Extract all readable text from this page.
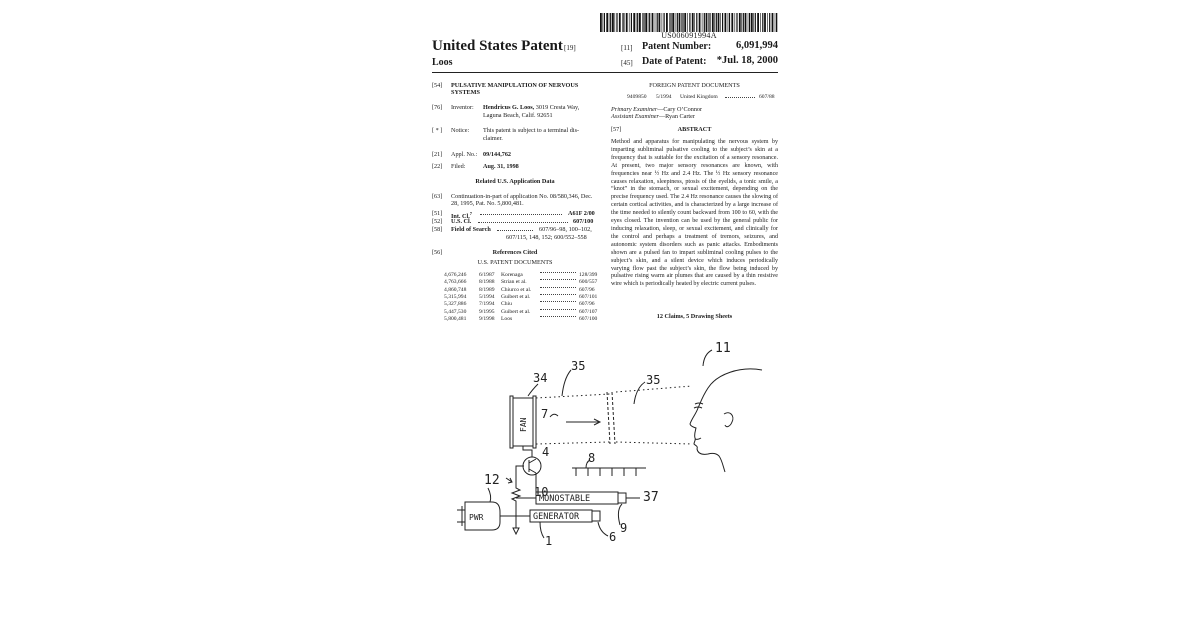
US006091994A
United States Patent [19]
Loos
[11] Patent Number:	6,091,994
[45] Date of Patent: *Jul. 18, 2000
[54] PULSATIVE MANIPULATION OF NERVOUS
SYSTEMS
[76] Inventor: Hendricus G. Loos, 3019 Cresta Way,
Laguna Beach, Calif. 92651
[ * ] Notice: This patent is subject to a terminal dis-
claimer.
[21] Appl. No.: 09/144,762
[22] Filed:	Aug. 31, 1998
Related U.S. Application Data
[63] Continuation-in-part of application No. 08/580,346, Dec.
28, 1995, Pat. No. 5,800,481.
[51] Int. Cl.$^7$	A61F 2/00
[52] U.S. Cl.	607/100
[58] Field of Search	607/96–98, 100–102,
607/115, 148, 152; 600/552–558
[56]	References Cited
U.S. PATENT DOCUMENTS
4,676,246 6/1987 Korenaga	128/399
4,763,666 8/1988 Strian et al.	600/557
4,860,748 8/1989 Chiurco et al.	607/96
5,315,994 5/1994 Guibert et al.	607/101
5,327,886 7/1994 Chiu	607/96
5,447,530 9/1995 Guibert et al.	607/107
5,800,481 9/1998 Loos	607/100
FOREIGN PATENT DOCUMENTS
9409850 5/1994 United Kingdom	607/88
Primary Examiner—Cary O’Connor
Assistant Examiner—Ryan Carter
[57]	ABSTRACT
Method and apparatus for manipulating the nervous system by imparting subliminal pulsative cooling to the subject’s skin at a frequency that is suitable for the excitation of a sensory resonance. At present, two major sensory resonances are known, with frequencies near ½ Hz and 2.4 Hz. The ½ Hz sensory resonance causes relaxation, sleepiness, ptosis of the eyelids, a tonic smile, a “knot” in the stomach, or sexual excitement, depending on the precise frequency used. The 2.4 Hz resonance causes the slowing of certain cortical activities, and is characterized by a large increase of the time needed to silently count backward from 100 to 60, with the eyes closed. The invention can be used by the general public for inducing relaxation, sleep, or sexual excitement, and clinically for the control and perhaps a treatment of tremors, seizures, and autonomic system disorders such as panic attacks. Embodiments shown are a pulsed fan to impart subliminal cooling pulses to the subject’s skin, and a silent device which induces periodically varying flow past the subject’s skin, the flow being induced by pulsative rising warm air plumes that are caused by a thin resistive wire which is periodically heated by electric current pulses.
12 Claims, 5 Drawing Sheets
11
FAN
34
35
35
7
4	8
MONOSTABLE	37
10
GENERATOR
9
6
1
PWR
12
